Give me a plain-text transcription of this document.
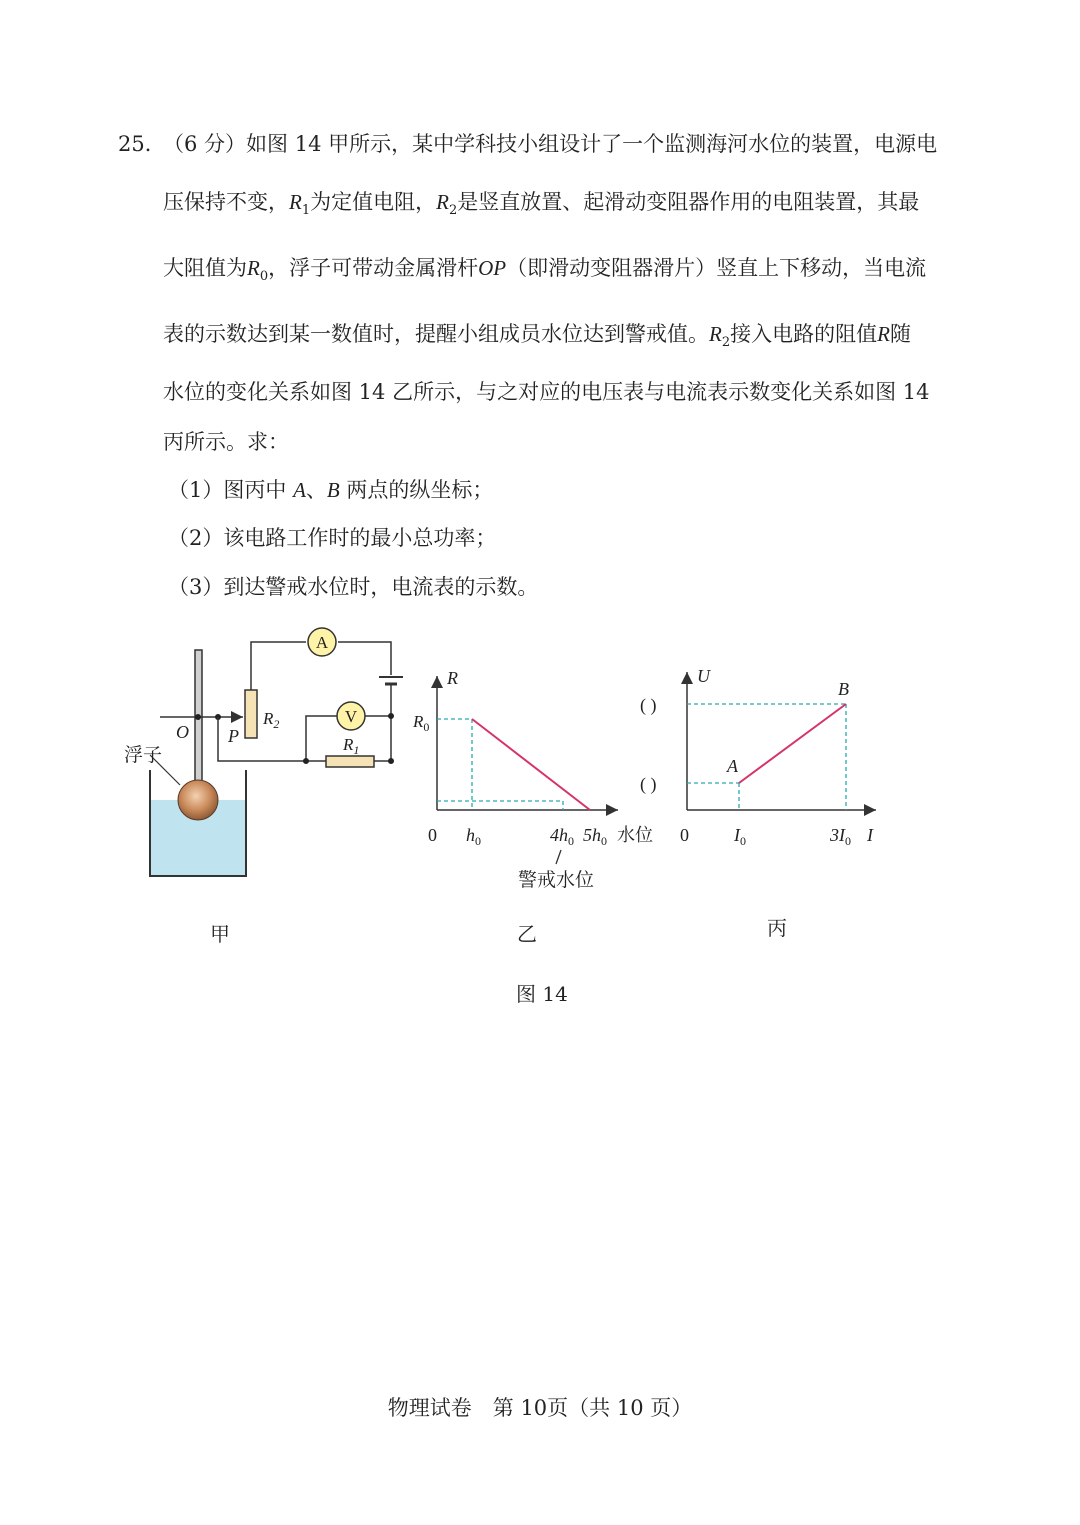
25．
（6 分）如图 14 甲所示，某中学科技小组设计了一个监测海河水位的装置，电源电
压保持不变，$R_1$为定值电阻，$R_2$是竖直放置、起滑动变阻器作用的电阻装置，其最
大阻值为$R_0$，浮子可带动金属滑杆OP（即滑动变阻器滑片）竖直上下移动，当电流
表的示数达到某一数值时，提醒小组成员水位达到警戒值。$R_2$接入电路的阻值R随
水位的变化关系如图 14 乙所示，与之对应的电压表与电流表示数变化关系如图 14
丙所示。求：
（1）图丙中 A、B 两点的纵坐标；
（2）该电路工作时的最小总功率；
（3）到达警戒水位时，电流表的示数。
A
V
$R_2$
$R_1$
O P
浮子
R
$R_0$
0 $h_0$	$4h_0$ $5h_0$ 水位
警戒水位
U
( )
( )
A
B
0	$I_0$	$3I_0$ I
甲	乙	丙
图 14
物理试卷　第 10页（共 10 页）
